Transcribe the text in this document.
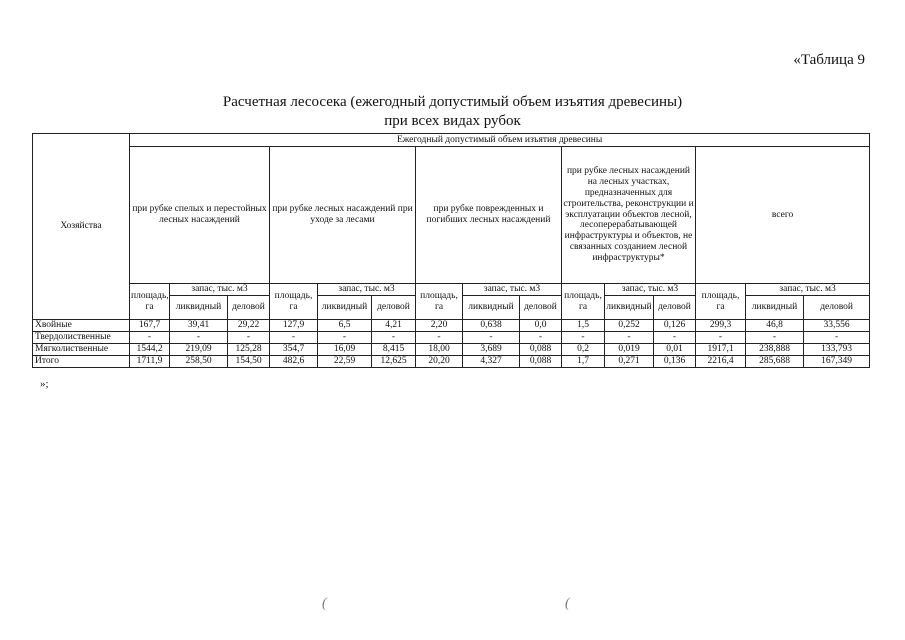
«Таблица 9
Расчетная лесосека (ежегодный допустимый объем изъятия древесины)
при всех видах рубок
Хозяйства	Ежегодный допустимый объем изъятия древесины														
	при рубке спелых и перестойных лесных насаждений			при рубке лесных насаждений при уходе за лесами			при рубке поврежденных и погибших лесных насаждений			при рубке лесных насаждений на лесных участках, предназначенных для строительства, реконструкции и эксплуатации объектов лесной, лесоперерабатывающей инфраструктуры и объектов, не связанных созданием лесной инфраструктуры*			всего		
	площадь, га	запас, тыс. м3		площадь, га	запас, тыс. м3		площадь, га	запас, тыс. м3		площадь, га	запас, тыс. м3		площадь, га	запас, тыс. м3	
		ликвидный	деловой		ликвидный	деловой		ликвидный	деловой		ликвидный	деловой		ликвидный	деловой
Хвойные	167,7	39,41	29,22	127,9	6,5	4,21	2,20	0,638	0,0	1,5	0,252	0,126	299,3	46,8	33,556
Твердолиственные	-	-	-	-	-	-	-	-	-	-	-	-	-	-	-
Мягколиственные	1544,2	219,09	125,28	354,7	16,09	8,415	18,00	3,689	0,088	0,2	0,019	0,01	1917,1	238,888	133,793
Итого	1711,9	258,50	154,50	482,6	22,59	12,625	20,20	4,327	0,088	1,7	0,271	0,136	2216,4	285,688	167,349
»;
(	(
